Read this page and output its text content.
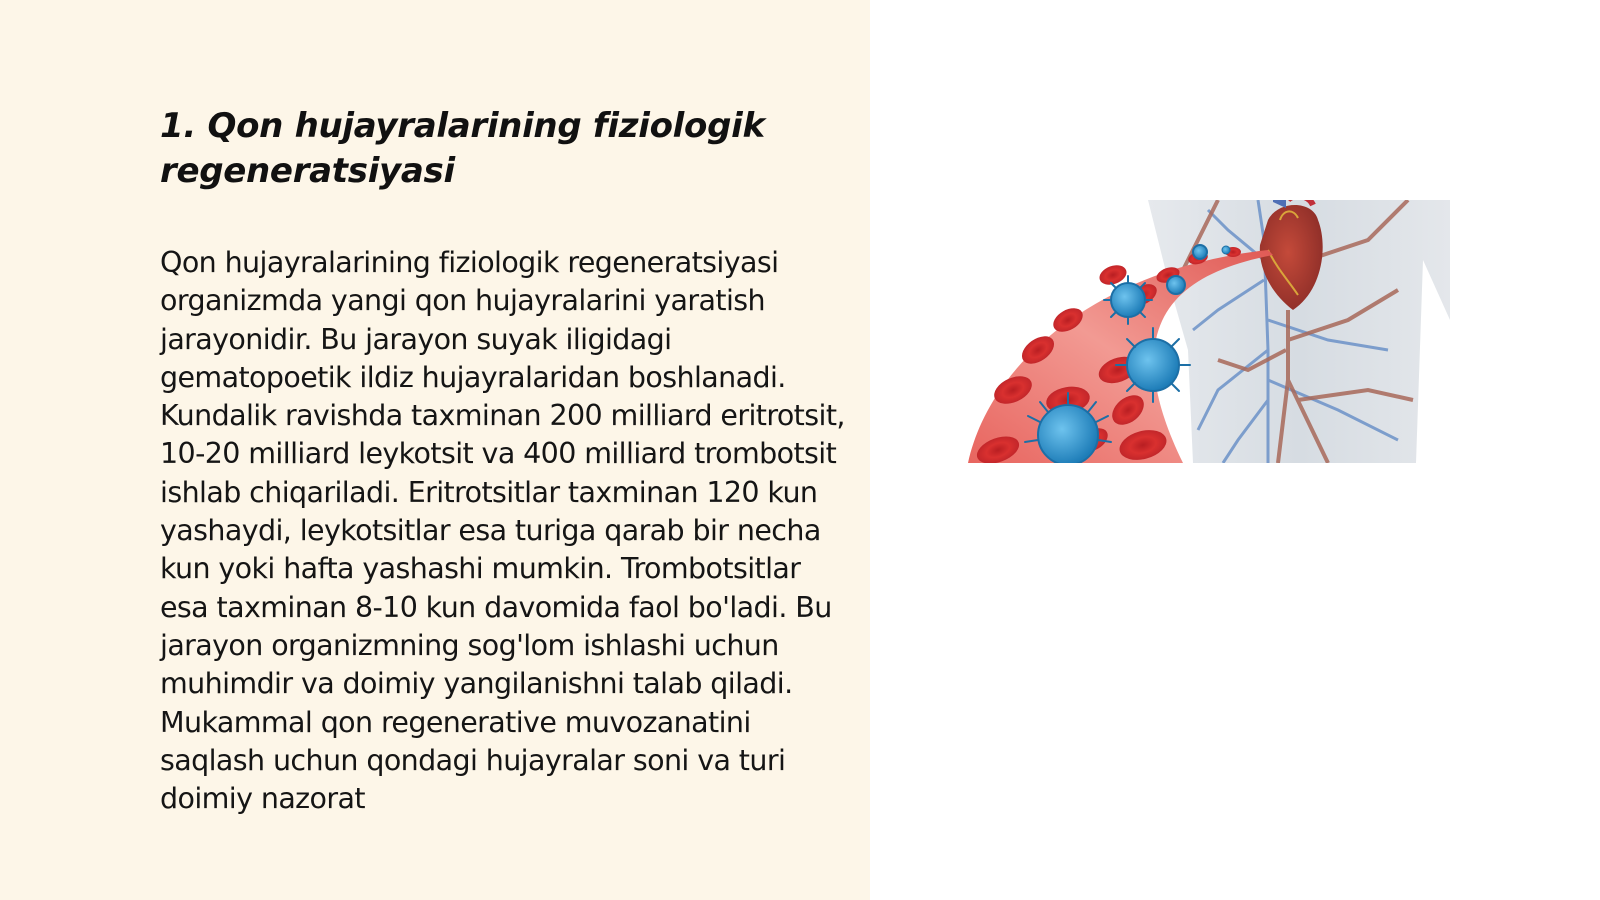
1. Qon hujayralarining fiziologik regeneratsiyasi

Qon hujayralarining fiziologik regeneratsiyasi organizmda yangi qon hujayralarini yaratish jarayonidir. Bu jarayon suyak iligidagi gematopoetik ildiz hujayralaridan boshlanadi. Kundalik ravishda taxminan 200 milliard eritrotsit, 10-20 milliard leykotsit va 400 milliard trombotsit ishlab chiqariladi. Eritrotsitlar taxminan 120 kun yashaydi, leykotsitlar esa turiga qarab bir necha kun yoki hafta yashashi mumkin. Trombotsitlar esa taxminan 8-10 kun davomida faol bo'ladi. Bu jarayon organizmning sog'lom ishlashi uchun muhimdir va doimiy yangilanishni talab qiladi. Mukammal qon regenerative muvozanatini saqlash uchun qondagi hujayralar soni va turi doimiy nazorat
